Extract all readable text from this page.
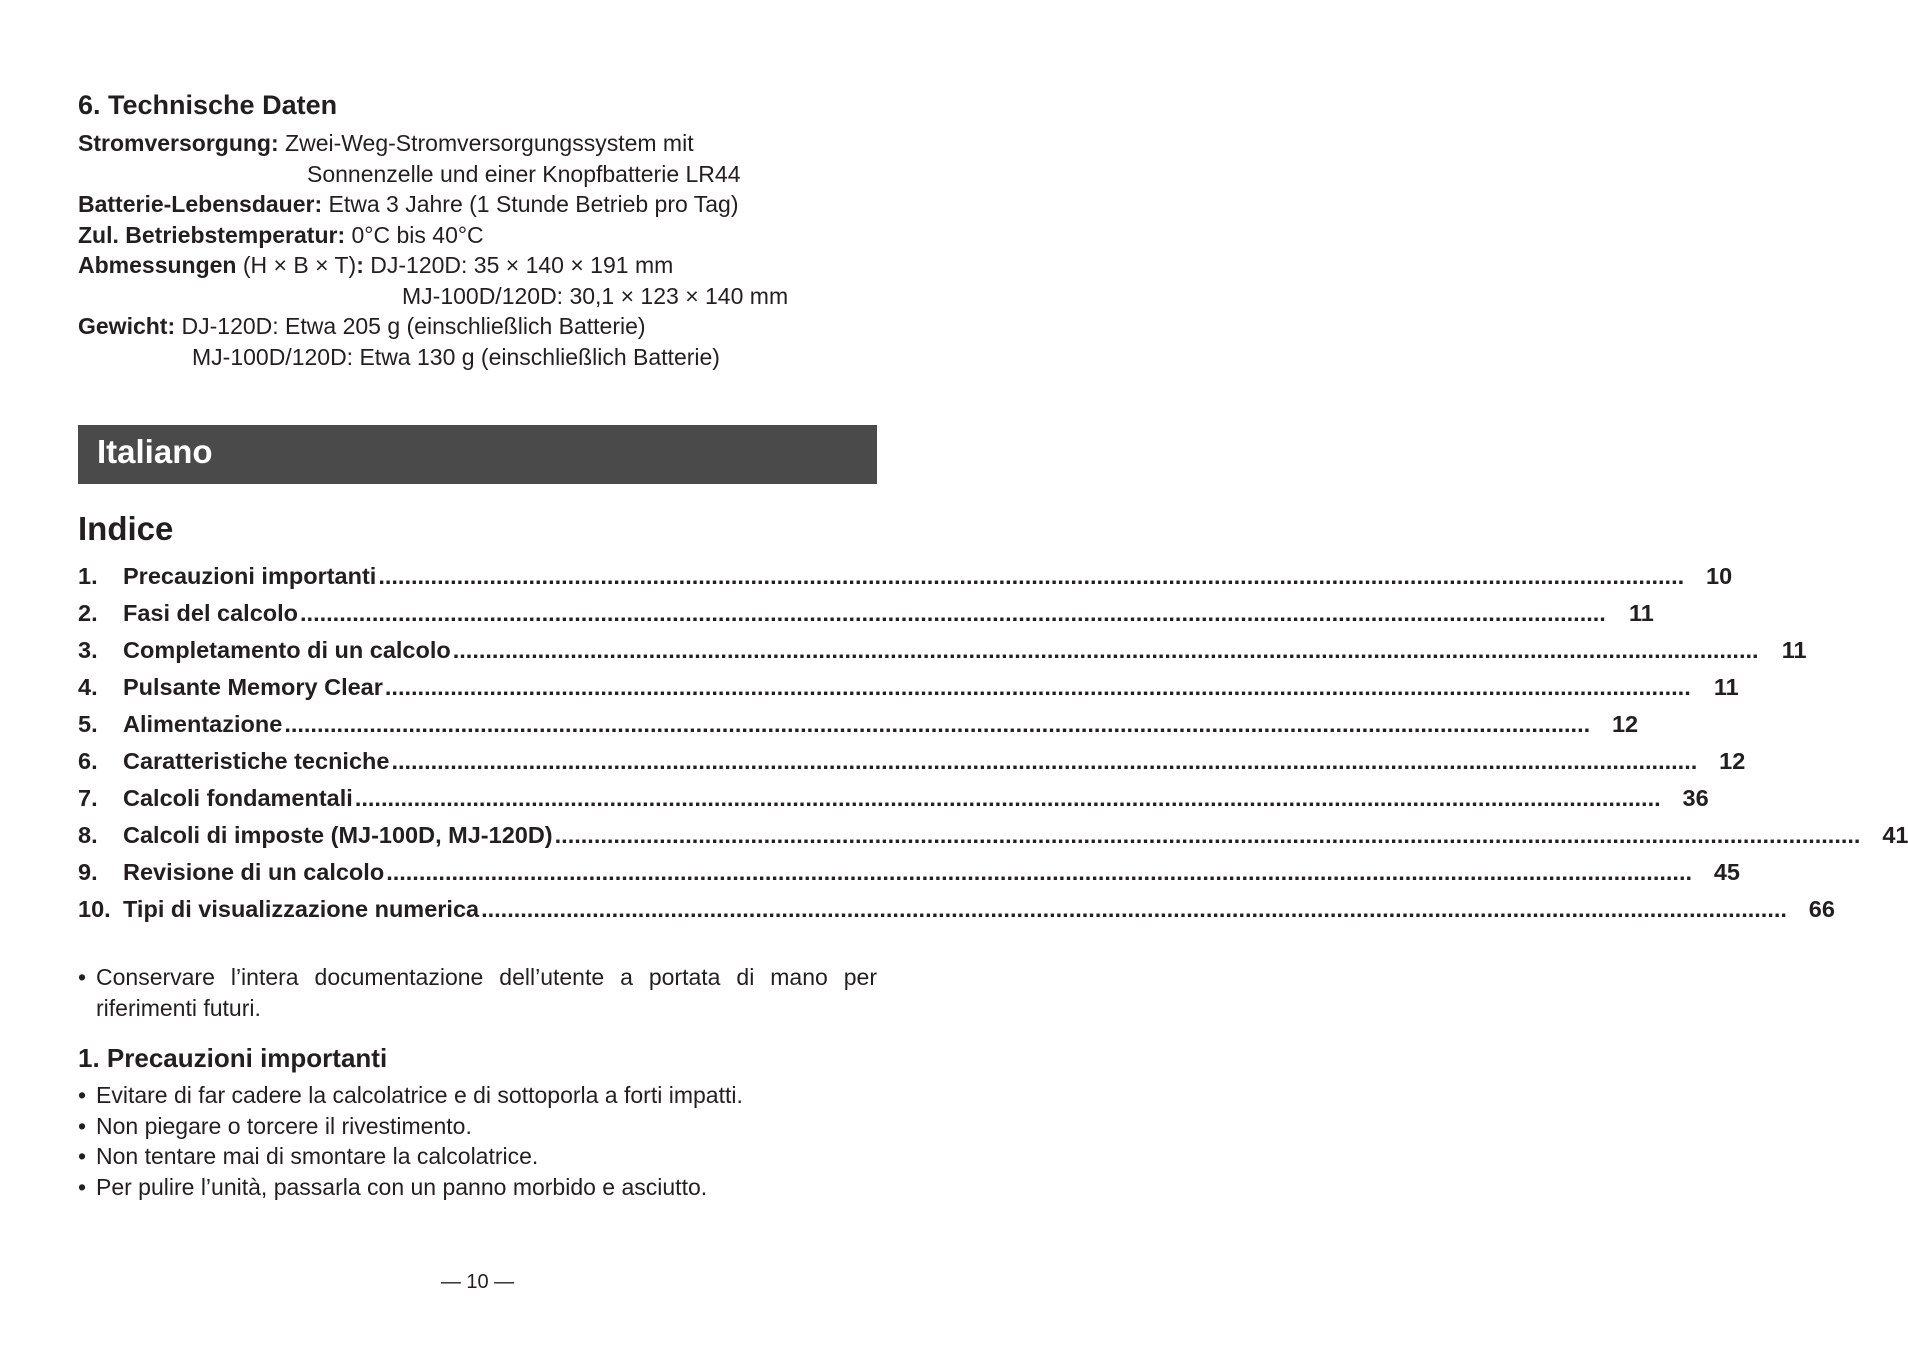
6. Technische Daten
Stromversorgung: Zwei-Weg-Stromversorgungssystem mit
Sonnenzelle und einer Knopfbatterie LR44
Batterie-Lebensdauer: Etwa 3 Jahre (1 Stunde Betrieb pro Tag)
Zul. Betriebstemperatur: 0°C bis 40°C
Abmessungen (H × B × T): DJ-120D: 35 × 140 × 191 mm
MJ-100D/120D: 30,1 × 123 × 140 mm
Gewicht: DJ-120D: Etwa 205 g (einschließlich Batterie)
MJ-100D/120D: Etwa 130 g (einschließlich Batterie)
Italiano
Indice
1.	Precauzioni importanti ........................................................................................................................................................................................................ 10
2.	Fasi del calcolo ........................................................................................................................................................................................................ 11
3.	Completamento di un calcolo ........................................................................................................................................................................................................ 11
4.	Pulsante Memory Clear ........................................................................................................................................................................................................ 11
5.	Alimentazione ........................................................................................................................................................................................................ 12
6.	Caratteristiche tecniche ........................................................................................................................................................................................................ 12
7.	Calcoli fondamentali ........................................................................................................................................................................................................ 36
8.	Calcoli di imposte (MJ-100D, MJ-120D) ........................................................................................................................................................................................................ 41
9.	Revisione di un calcolo ........................................................................................................................................................................................................ 45
10. Tipi di visualizzazione numerica ........................................................................................................................................................................................................ 66
• Conservare l’intera documentazione dell’utente a portata di mano per riferimenti futuri.
1. Precauzioni importanti
• Evitare di far cadere la calcolatrice e di sottoporla a forti impatti.
• Non piegare o torcere il rivestimento.
• Non tentare mai di smontare la calcolatrice.
• Per pulire l’unità, passarla con un panno morbido e asciutto.
— 10 —
